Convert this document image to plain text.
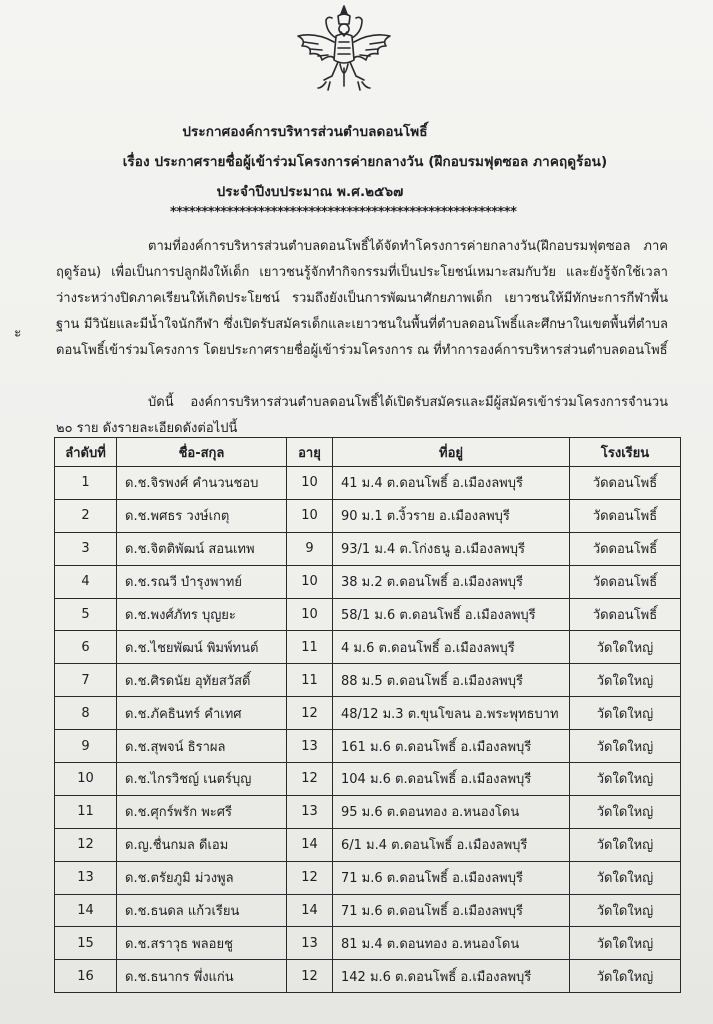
ประกาศองค์การบริหารส่วนตำบลดอนโพธิ์
เรื่อง ประกาศรายชื่อผู้เข้าร่วมโครงการค่ายกลางวัน (ฝึกอบรมฟุตซอล ภาคฤดูร้อน)
ประจำปีงบประมาณ พ.ศ.๒๕๖๗
*******************************************************
ะ
ตามที่องค์การบริหารส่วนตำบลดอนโพธิ์ได้จัดทำโครงการค่ายกลางวัน(ฝึกอบรมฟุตซอล ภาคฤดูร้อน) เพื่อเป็นการปลูกฝังให้เด็ก เยาวชนรู้จักทำกิจกรรมที่เป็นประโยชน์เหมาะสมกับวัย และยังรู้จักใช้เวลาว่างระหว่างปิดภาคเรียนให้เกิดประโยชน์ รวมถึงยังเป็นการพัฒนาศักยภาพเด็ก เยาวชนให้มีทักษะการกีฬาพื้นฐาน มีวินัยและมีน้ำใจนักกีฬา ซึ่งเปิดรับสมัครเด็กและเยาวชนในพื้นที่ตำบลดอนโพธิ์และศึกษาในเขตพื้นที่ตำบลดอนโพธิ์เข้าร่วมโครงการ โดยประกาศรายชื่อผู้เข้าร่วมโครงการ ณ ที่ทำการองค์การบริหารส่วนตำบลดอนโพธิ์
บัดนี้ องค์การบริหารส่วนตำบลดอนโพธิ์ได้เปิดรับสมัครและมีผู้สมัครเข้าร่วมโครงการจำนวน ๒๐ ราย ดังรายละเอียดดังต่อไปนี้
ลำดับที่	ชื่อ-สกุล	อายุ	ที่อยู่	โรงเรียน
1	ด.ช.จิรพงศ์ คำนวนชอบ	10	41 ม.4 ต.ดอนโพธิ์ อ.เมืองลพบุรี	วัดดอนโพธิ์
2	ด.ช.พศธร วงษ์เกตุ	10	90 ม.1 ต.งิ้วราย อ.เมืองลพบุรี	วัดดอนโพธิ์
3	ด.ช.จิตติพัฒน์ สอนเทพ	9	93/1 ม.4 ต.โก่งธนู อ.เมืองลพบุรี	วัดดอนโพธิ์
4	ด.ช.รณวี บำรุงพาทย์	10	38 ม.2 ต.ดอนโพธิ์ อ.เมืองลพบุรี	วัดดอนโพธิ์
5	ด.ช.พงศ์ภัทร บุญยะ	10	58/1 ม.6 ต.ดอนโพธิ์ อ.เมืองลพบุรี	วัดดอนโพธิ์
6	ด.ช.ไชยพัฒน์ พิมพ์ทนต์	11	4 ม.6 ต.ดอนโพธิ์ อ.เมืองลพบุรี	วัดใดใหญ่
7	ด.ช.ศิรดนัย อุทัยสวัสดิ์	11	88 ม.5 ต.ดอนโพธิ์ อ.เมืองลพบุรี	วัดใดใหญ่
8	ด.ช.ภัคธินทร์ คำเทศ	12	48/12 ม.3 ต.ขุนโขลน อ.พระพุทธบาท	วัดใดใหญ่
9	ด.ช.สุพจน์ ธิราผล	13	161 ม.6 ต.ดอนโพธิ์ อ.เมืองลพบุรี	วัดใดใหญ่
10	ด.ช.ไกรวิชญ์ เนตร์บุญ	12	104 ม.6 ต.ดอนโพธิ์ อ.เมืองลพบุรี	วัดใดใหญ่
11	ด.ช.ศุกร์พรัก พะศรี	13	95 ม.6 ต.ดอนทอง อ.หนองโดน	วัดใดใหญ่
12	ด.ญ.ชื่นกมล ดีเอม	14	6/1 ม.4 ต.ดอนโพธิ์ อ.เมืองลพบุรี	วัดใดใหญ่
13	ด.ช.ตรัยภูมิ ม่วงพูล	12	71 ม.6 ต.ดอนโพธิ์ อ.เมืองลพบุรี	วัดใดใหญ่
14	ด.ช.ธนดล แก้วเรียน	14	71 ม.6 ต.ดอนโพธิ์ อ.เมืองลพบุรี	วัดใดใหญ่
15	ด.ช.สราวุธ พลอยชู	13	81 ม.4 ต.ดอนทอง อ.หนองโดน	วัดใดใหญ่
16	ด.ช.ธนากร พึ่งแก่น	12	142 ม.6 ต.ดอนโพธิ์ อ.เมืองลพบุรี	วัดใดใหญ่
